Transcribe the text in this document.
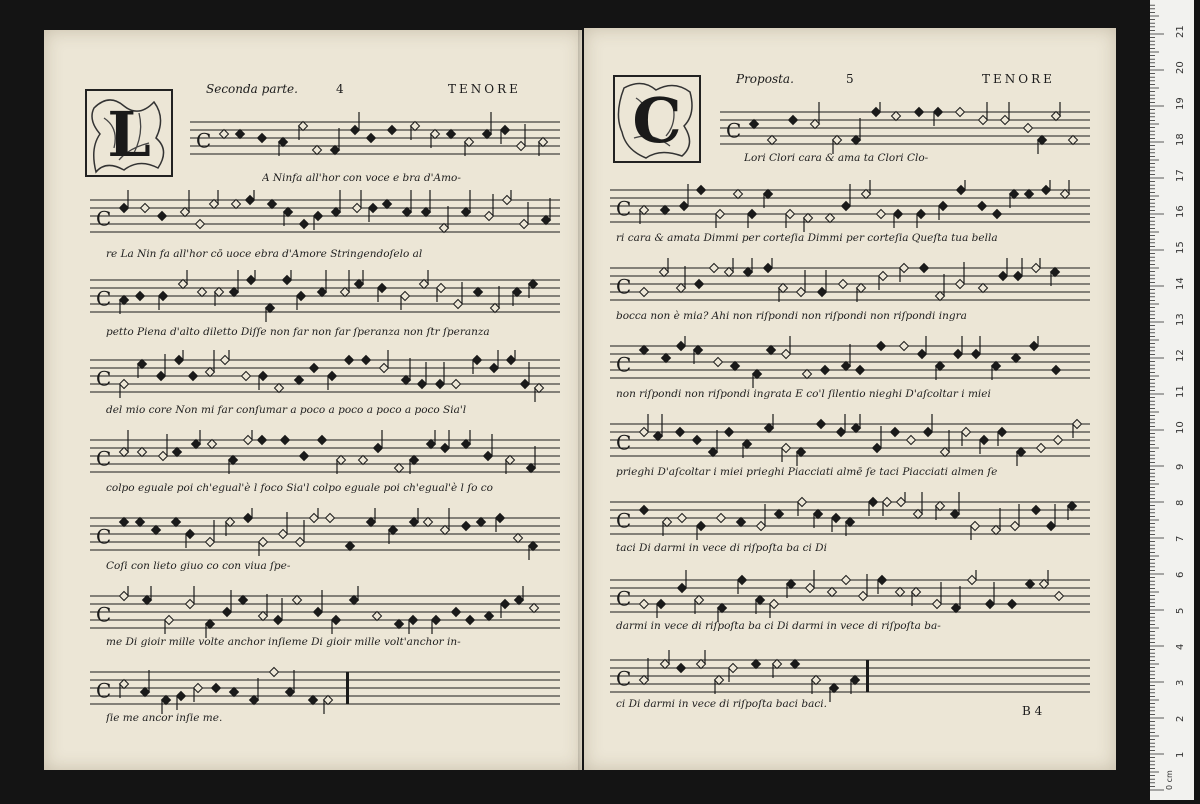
L
Seconda parte.	4	TENORE
C
C
C
C
C
C
C
C
A Ninfa all'hor con voce e bra d'Amo-
re La Nin fa all'hor cō uoce ebra d'Amore Stringendoſelo al
petto Piena d'alto diletto Diſſe non far non far ſperanza non ſtr ſperanza
del mio core Non mi far conſumar a poco a poco a poco a poco Sia'l
colpo eguale poi ch'egual'è l foco Sia'l colpo eguale poi ch'egual'è l ſo co
Coſi con lieto giuo co con viua ſpe-
me Di gioir mille volte anchor inſieme Di gioir mille volt'anchor in-
ſie me ancor inſie me.
C
Proposta.	5	TENORE
C
C
C
C
C
C
C
C
Lori Clori cara & ama ta Clori Clo-
ri cara & amata Dimmi per corteſia Dimmi per corteſia Queſta tua bella
bocca non è mia? Ahi non riſpondi non riſpondi non riſpondi ingra
non riſpondi non riſpondi ingrata E co'l ſilentio nieghi D'aſcoltar i miei
prieghi D'aſcoltar i miei prieghi Piacciati almē ſe taci Piacciati almen ſe
taci Di darmi in vece di riſpoſta ba ci Di
darmi in vece di riſpoſta ba ci Di darmi in vece di riſpoſta ba-
ci Di darmi in vece di riſpoſta baci baci.	B 4
0 cm
1
2
3
4
5
6
7
8
9
10
11
12
13
14
15
16
17
18
19
20
21
